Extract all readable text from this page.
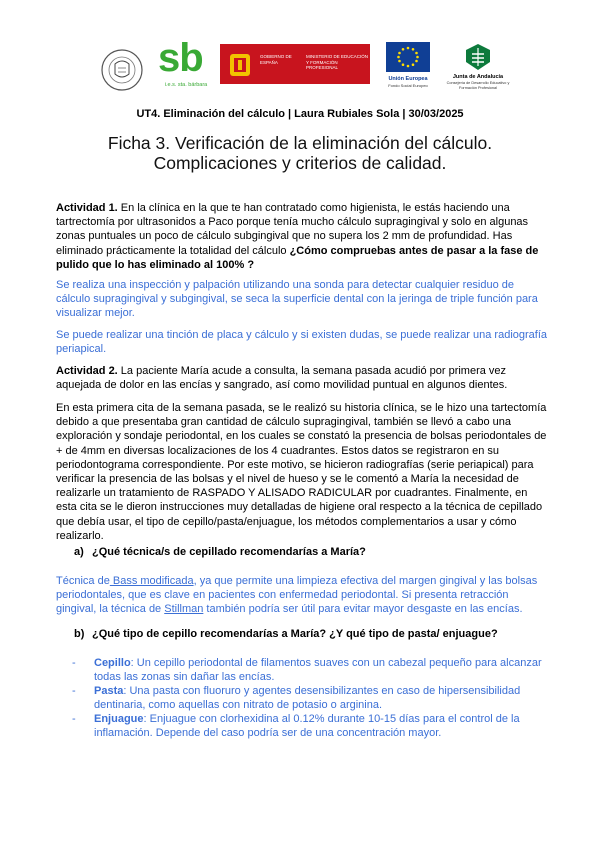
sb
i.e.s. sta. bárbara
GOBIERNO DE ESPAÑA
MINISTERIO DE EDUCACIÓN Y FORMACIÓN PROFESIONAL
Unión Europea
Fondo Social Europeo
Junta de Andalucía
Consejería de Desarrollo Educativo y Formación Profesional
UT4. Eliminación del cálculo | Laura Rubiales Sola | 30/03/2025
Ficha 3. Verificación de la eliminación del cálculo.
Complicaciones y criterios de calidad.

Actividad 1. En la clínica en la que te han contratado como higienista, le estás haciendo una tartrectomía por ultrasonidos a Paco porque tenía mucho cálculo supragingival y solo en algunas zonas puntuales un poco de cálculo subgingival que no supera los 2 mm de profundidad. Has eliminado prácticamente la totalidad del cálculo ¿Cómo compruebas antes de pasar a la fase de pulido que lo has eliminado al 100% ?

Se realiza una inspección y palpación utilizando una sonda para detectar cualquier residuo de cálculo supragingival y subgingival, se seca la superficie dental con la jeringa de triple función para visualizar mejor.

Se puede realizar una tinción de placa y cálculo y si existen dudas, se puede realizar una radiografía periapical.

Actividad 2. La paciente María acude a consulta, la semana pasada acudió por primera vez aquejada de dolor en las encías y sangrado, así como movilidad puntual en algunos dientes.

En esta primera cita de la semana pasada, se le realizó su historia clínica, se le hizo una tartectomía debido a que presentaba gran cantidad de cálculo supragingival, también se llevó a cabo una exploración y sondaje periodontal, en los cuales se constató la presencia de bolsas periodontales de + de 4mm en diversas localizaciones de los 4 cuadrantes. Estos datos se registraron en su periodontograma correspondiente. Por este motivo, se hicieron radiografías (serie periapical) para verificar la presencia de las bolsas y el nivel de hueso y se le comentó a María la necesidad de realizarle un tratamiento de RASPADO Y ALISADO RADICULAR por cuadrantes. Finalmente, en esta cita se le dieron instrucciones muy detalladas de higiene oral respecto a la técnica de cepillado que debía usar, el tipo de cepillo/pasta/enjuague, los métodos complementarios a usar y cómo realizarlo.

a) ¿Qué técnica/s de cepillado recomendarías a María?

Técnica de Bass modificada, ya que permite una limpieza efectiva del margen gingival y las bolsas periodontales, que es clave en pacientes con enfermedad periodontal. Si presenta retracción gingival, la técnica de Stillman también podría ser útil para evitar mayor desgaste en las encías.

b) ¿Qué tipo de cepillo recomendarías a María? ¿Y qué tipo de pasta/ enjuague?
- Cepillo: Un cepillo periodontal de filamentos suaves con un cabezal pequeño para alcanzar todas las zonas sin dañar las encías.
- Pasta: Una pasta con fluoruro y agentes desensibilizantes en caso de hipersensibilidad dentinaria, como aquellas con nitrato de potasio o arginina.
- Enjuague: Enjuague con clorhexidina al 0.12% durante 10-15 días para el control de la inflamación. Depende del caso podría ser de una concentración mayor.
